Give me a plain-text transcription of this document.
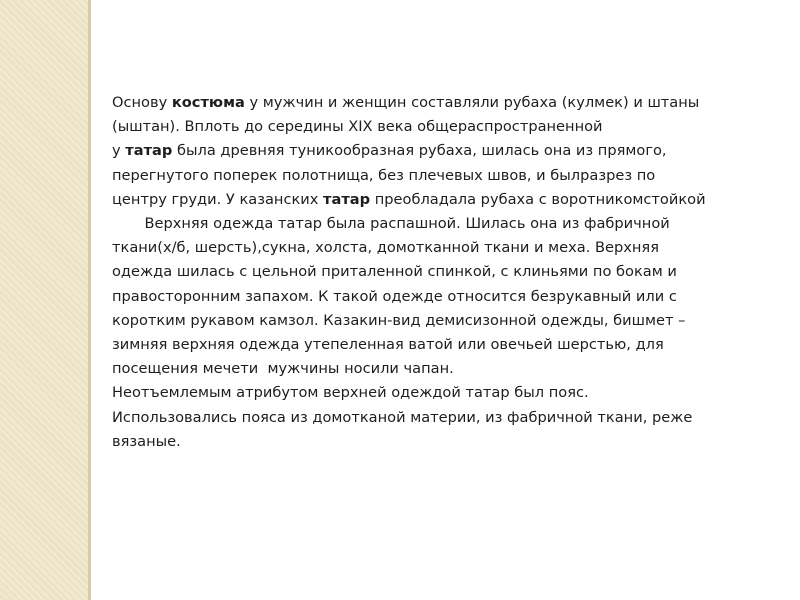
Основу костюма у мужчин и женщин составляли рубаха (кулмек) и штаны
(ыштан). Вплоть до середины XIX века общераспространенной
у татар была древняя туникообразная рубаха, шилась она из прямого,
перегнутого поперек полотнища, без плечевых швов, и былразрез по
центру груди. У казанских татар преобладала рубаха с воротникомстойкой
Верхняя одежда татар была распашной. Шилась она из фабричной
ткани(х/б, шерсть),сукна, холста, домотканной ткани и меха. Верхняя
одежда шилась с цельной приталенной спинкой, с клиньями по бокам и
правосторонним запахом. К такой одежде относится безрукавный или с
коротким рукавом камзол. Казакин-вид демисизонной одежды, бишмет –
зимняя верхняя одежда утепеленная ватой или овечьей шерстью, для
посещения мечети  мужчины носили чапан.
Неотъемлемым атрибутом верхней одеждой татар был пояс.
Использовались пояса из домотканой материи, из фабричной ткани, реже
вязаные.
